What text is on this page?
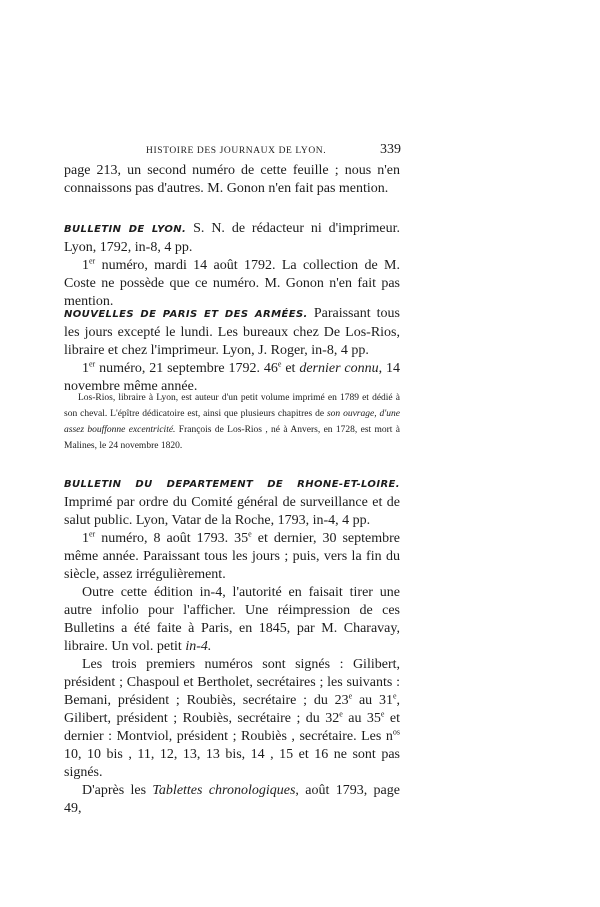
HISTOIRE DES JOURNAUX DE LYON.	339

page 213, un second numéro de cette feuille ; nous n'en connaissons pas d'autres. M. Gonon n'en fait pas mention.

BULLETIN DE LYON. S. N. de rédacteur ni d'imprimeur. Lyon, 1792, in-8, 4 pp.

1er numéro, mardi 14 août 1792. La collection de M. Coste ne possède que ce numéro. M. Gonon n'en fait pas mention.

NOUVELLES DE PARIS ET DES ARMÉES. Paraissant tous les jours excepté le lundi. Les bureaux chez De Los-Rios, libraire et chez l'imprimeur. Lyon, J. Roger, in-8, 4 pp.

1er numéro, 21 septembre 1792. 46e et dernier connu, 14 novembre même année.

Los-Rios, libraire à Lyon, est auteur d'un petit volume imprimé en 1789 et dédié à son cheval. L'épître dédicatoire est, ainsi que plusieurs chapitres de son ouvrage, d'une assez bouffonne excentricité. François de Los-Rios , né à Anvers, en 1728, est mort à Malines, le 24 novembre 1820.

BULLETIN DU DEPARTEMENT DE RHONE-ET-LOIRE. Imprimé par ordre du Comité général de surveillance et de salut public. Lyon, Vatar de la Roche, 1793, in-4, 4 pp.

1er numéro, 8 août 1793. 35e et dernier, 30 septembre même année. Paraissant tous les jours ; puis, vers la fin du siècle, assez irrégulièrement.

Outre cette édition in-4, l'autorité en faisait tirer une autre infolio pour l'afficher. Une réimpression de ces Bulletins a été faite à Paris, en 1845, par M. Charavay, libraire. Un vol. petit in-4.

Les trois premiers numéros sont signés : Gilibert, président ; Chaspoul et Bertholet, secrétaires ; les suivants : Bemani, président ; Roubiès, secrétaire ; du 23e au 31e, Gilibert, président ; Roubiès, secrétaire ; du 32e au 35e et dernier : Montviol, président ; Roubiès , secrétaire. Les $n^{os}$ 10, 10 bis , 11, 12, 13, 13 bis, 14 , 15 et 16 ne sont pas signés.

D'après les Tablettes chronologiques, août 1793, page 49,
